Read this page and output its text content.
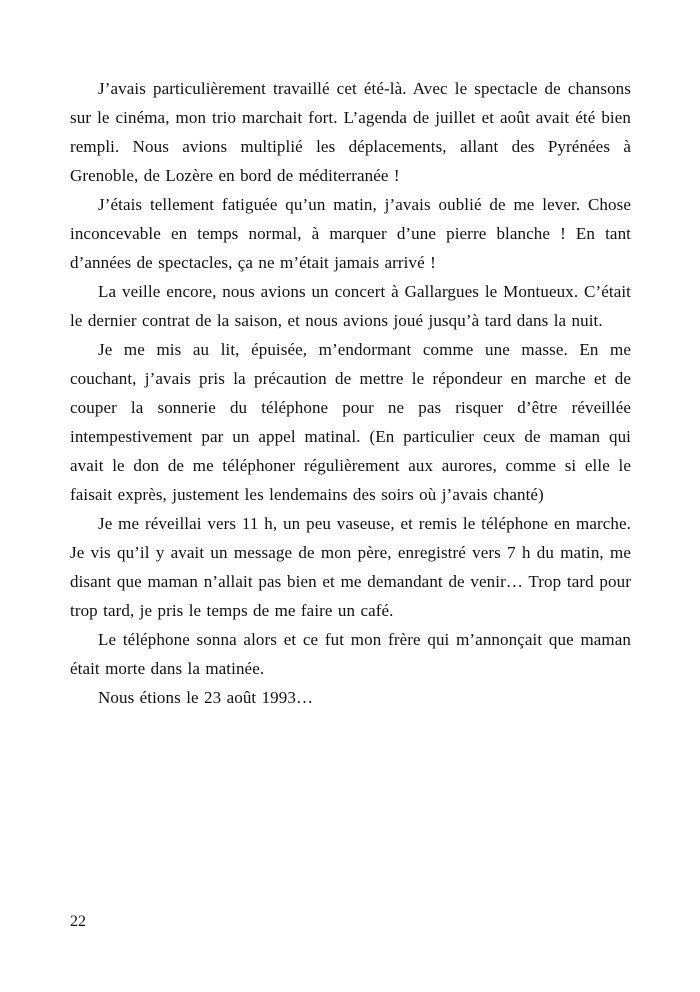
J’avais particulièrement travaillé cet été-là. Avec le spectacle de chansons sur le cinéma, mon trio marchait fort. L’agenda de juillet et août avait été bien rempli. Nous avions multiplié les déplacements, allant des Pyrénées à Grenoble, de Lozère en bord de méditerranée !

J’étais tellement fatiguée qu’un matin, j’avais oublié de me lever. Chose inconcevable en temps normal, à marquer d’une pierre blanche ! En tant d’années de spectacles, ça ne m’était jamais arrivé !

La veille encore, nous avions un concert à Gallargues le Montueux. C’était le dernier contrat de la saison, et nous avions joué jusqu’à tard dans la nuit.

Je me mis au lit, épuisée, m’endormant comme une masse. En me couchant, j’avais pris la précaution de mettre le répondeur en marche et de couper la sonnerie du téléphone pour ne pas risquer d’être réveillée intempestivement par un appel matinal. (En particulier ceux de maman qui avait le don de me téléphoner régulièrement aux aurores, comme si elle le faisait exprès, justement les lendemains des soirs où j’avais chanté)

Je me réveillai vers 11 h, un peu vaseuse, et remis le téléphone en marche. Je vis qu’il y avait un message de mon père, enregistré vers 7 h du matin, me disant que maman n’allait pas bien et me demandant de venir… Trop tard pour trop tard, je pris le temps de me faire un café.

Le téléphone sonna alors et ce fut mon frère qui m’annonçait que maman était morte dans la matinée.

Nous étions le 23 août 1993…

22
